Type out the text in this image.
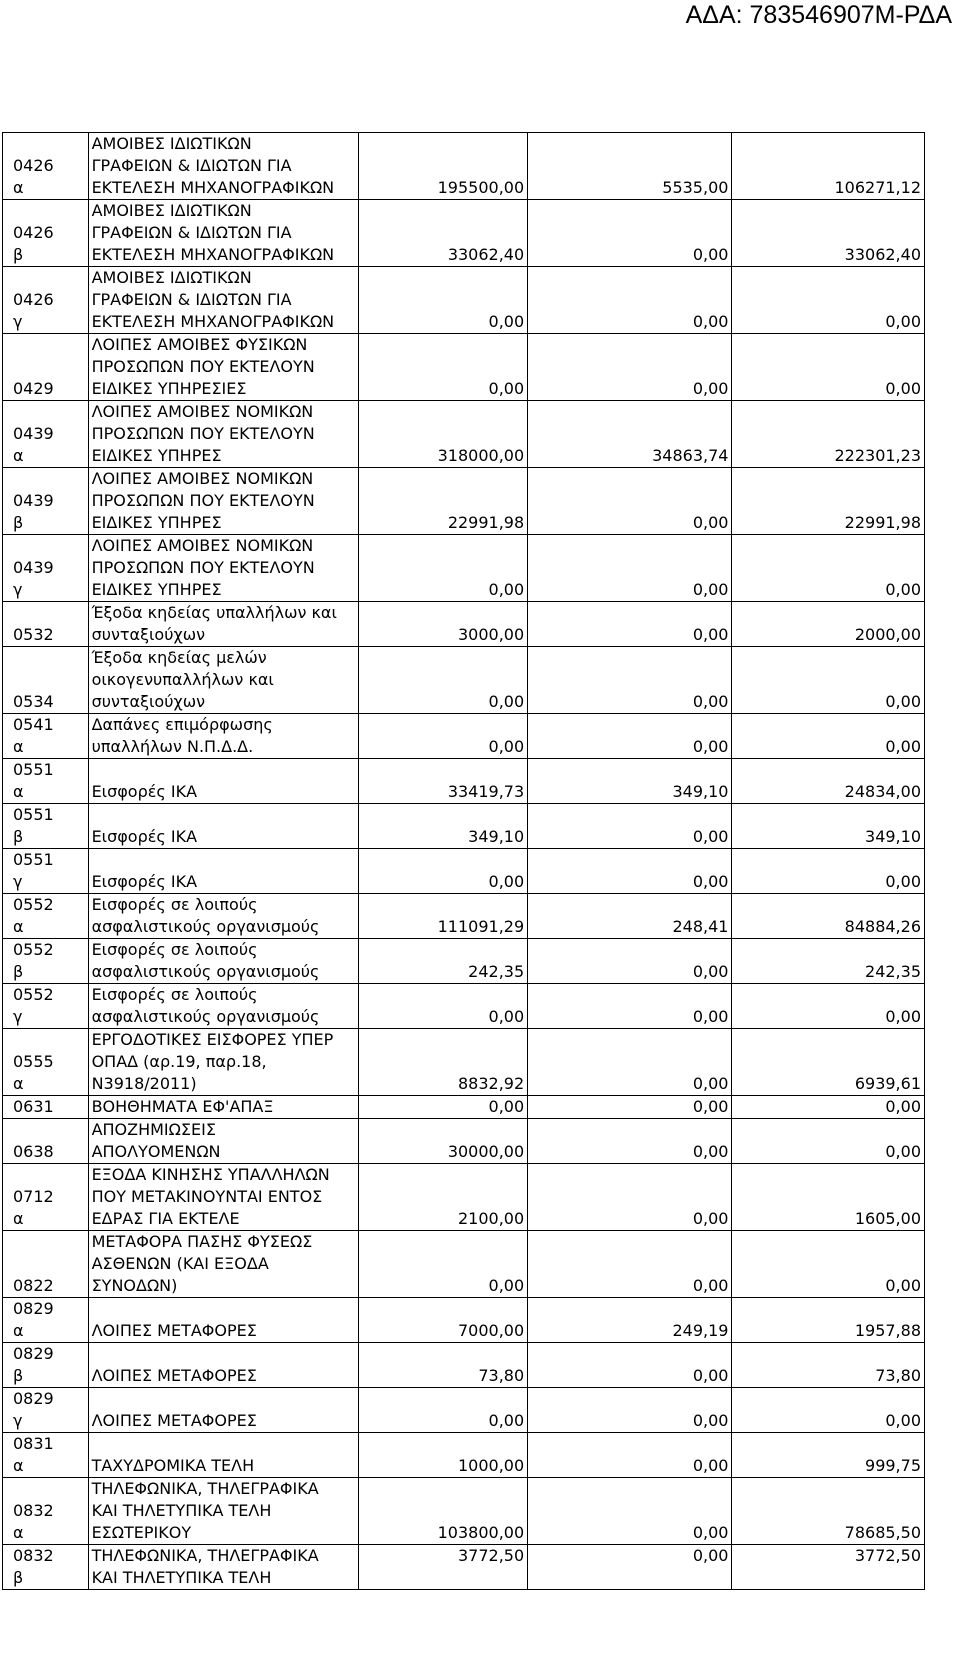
ΑΔΑ: 783546907Μ-ΡΔΑ
0426
α	ΑΜΟΙΒΕΣ ΙΔΙΩΤΙΚΩΝ
ΓΡΑΦΕΙΩΝ & ΙΔΙΩΤΩΝ ΓΙΑ
ΕΚΤΕΛΕΣΗ ΜΗΧΑΝΟΓΡΑΦΙΚΩΝ	195500,00	5535,00	106271,12

0426
β	ΑΜΟΙΒΕΣ ΙΔΙΩΤΙΚΩΝ
ΓΡΑΦΕΙΩΝ & ΙΔΙΩΤΩΝ ΓΙΑ
ΕΚΤΕΛΕΣΗ ΜΗΧΑΝΟΓΡΑΦΙΚΩΝ	33062,40	0,00	33062,40

0426
γ	ΑΜΟΙΒΕΣ ΙΔΙΩΤΙΚΩΝ
ΓΡΑΦΕΙΩΝ & ΙΔΙΩΤΩΝ ΓΙΑ
ΕΚΤΕΛΕΣΗ ΜΗΧΑΝΟΓΡΑΦΙΚΩΝ	0,00	0,00	0,00

0429	ΛΟΙΠΕΣ ΑΜΟΙΒΕΣ ΦΥΣΙΚΩΝ
ΠΡΟΣΩΠΩΝ ΠΟΥ ΕΚΤΕΛΟΥΝ
ΕΙΔΙΚΕΣ ΥΠΗΡΕΣΙΕΣ	0,00	0,00	0,00

0439
α	ΛΟΙΠΕΣ ΑΜΟΙΒΕΣ ΝΟΜΙΚΩΝ
ΠΡΟΣΩΠΩΝ ΠΟΥ ΕΚΤΕΛΟΥΝ
ΕΙΔΙΚΕΣ ΥΠΗΡΕΣ	318000,00	34863,74	222301,23

0439
β	ΛΟΙΠΕΣ ΑΜΟΙΒΕΣ ΝΟΜΙΚΩΝ
ΠΡΟΣΩΠΩΝ ΠΟΥ ΕΚΤΕΛΟΥΝ
ΕΙΔΙΚΕΣ ΥΠΗΡΕΣ	22991,98	0,00	22991,98

0439
γ	ΛΟΙΠΕΣ ΑΜΟΙΒΕΣ ΝΟΜΙΚΩΝ
ΠΡΟΣΩΠΩΝ ΠΟΥ ΕΚΤΕΛΟΥΝ
ΕΙΔΙΚΕΣ ΥΠΗΡΕΣ	0,00	0,00	0,00

0532	Έξοδα κηδείας υπαλλήλων και
συνταξιούχων	3000,00	0,00	2000,00

0534	Έξοδα κηδείας μελών
οικογενυπαλλήλων και
συνταξιούχων	0,00	0,00	0,00

0541
α	Δαπάνες επιμόρφωσης
υπαλλήλων Ν.Π.Δ.Δ.	0,00	0,00	0,00

0551
α	Εισφορές ΙΚΑ	33419,73	349,10	24834,00

0551
β	Εισφορές ΙΚΑ	349,10	0,00	349,10

0551
γ	Εισφορές ΙΚΑ	0,00	0,00	0,00

0552
α	Εισφορές σε λοιπούς
ασφαλιστικούς οργανισμούς	111091,29	248,41	84884,26

0552
β	Εισφορές σε λοιπούς
ασφαλιστικούς οργανισμούς	242,35	0,00	242,35

0552
γ	Εισφορές σε λοιπούς
ασφαλιστικούς οργανισμούς	0,00	0,00	0,00

0555
α	ΕΡΓΟΔΟΤΙΚΕΣ ΕΙΣΦΟΡΕΣ ΥΠΕΡ
ΟΠΑΔ (αρ.19, παρ.18,
Ν3918/2011)	8832,92	0,00	6939,61

0631	ΒΟΗΘΗΜΑΤΑ ΕΦ'ΑΠΑΞ	0,00	0,00	0,00

0638	ΑΠΟΖΗΜΙΩΣΕΙΣ
ΑΠΟΛΥΟΜΕΝΩΝ	30000,00	0,00	0,00

0712
α	ΕΞΟΔΑ ΚΙΝΗΣΗΣ ΥΠΑΛΛΗΛΩΝ
ΠΟΥ ΜΕΤΑΚΙΝΟΥΝΤΑΙ ΕΝΤΟΣ
ΕΔΡΑΣ ΓΙΑ ΕΚΤΕΛΕ	2100,00	0,00	1605,00

0822	ΜΕΤΑΦΟΡΑ ΠΑΣΗΣ ΦΥΣΕΩΣ
ΑΣΘΕΝΩΝ (ΚΑΙ ΕΞΟΔΑ
ΣΥΝΟΔΩΝ)	0,00	0,00	0,00

0829
α	ΛΟΙΠΕΣ ΜΕΤΑΦΟΡΕΣ	7000,00	249,19	1957,88

0829
β	ΛΟΙΠΕΣ ΜΕΤΑΦΟΡΕΣ	73,80	0,00	73,80

0829
γ	ΛΟΙΠΕΣ ΜΕΤΑΦΟΡΕΣ	0,00	0,00	0,00

0831
α	ΤΑΧΥΔΡΟΜΙΚΑ ΤΕΛΗ	1000,00	0,00	999,75

0832
α	ΤΗΛΕΦΩΝΙΚΑ, ΤΗΛΕΓΡΑΦΙΚΑ
ΚΑΙ ΤΗΛΕΤΥΠΙΚΑ ΤΕΛΗ
ΕΣΩΤΕΡΙΚΟΥ	103800,00	0,00	78685,50

0832
β	ΤΗΛΕΦΩΝΙΚΑ, ΤΗΛΕΓΡΑΦΙΚΑ
ΚΑΙ ΤΗΛΕΤΥΠΙΚΑ ΤΕΛΗ	3772,50	0,00	3772,50
